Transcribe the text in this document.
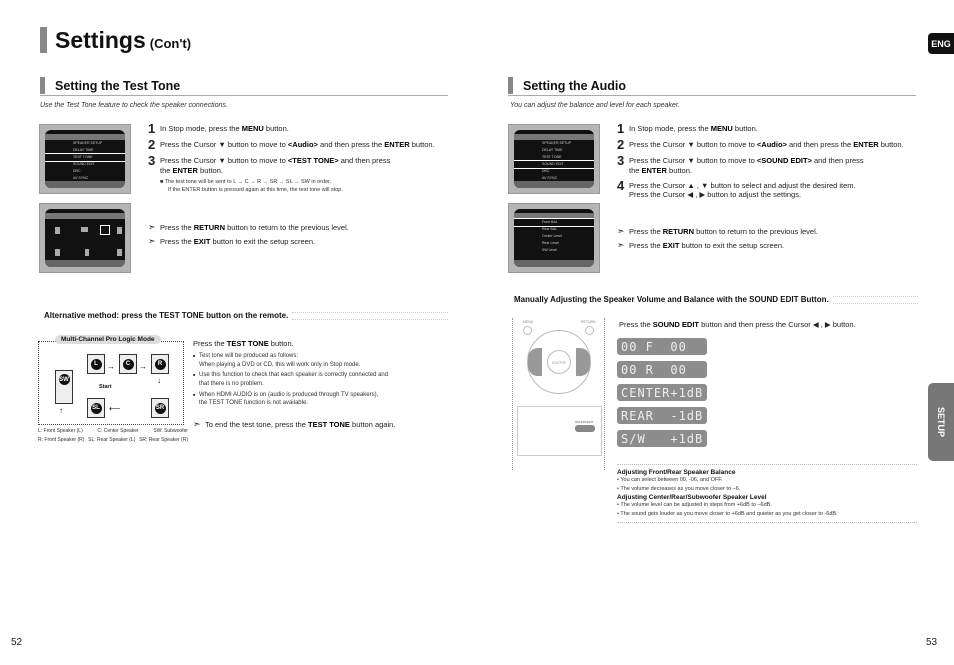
Settings (Con't)	ENG
SETUP
Setting the Test Tone
Use the Test Tone feature to check the speaker connections.
SPEAKER SETUP
DELAY TIME
TEST TONE
SOUND EDIT
DRC
AV SYNC
1 In Stop mode, press the MENU button.
2 Press the Cursor ▼ button to move to <Audio> and then press the ENTER button.
3 Press the Cursor ▼ button to move to <TEST TONE> and then press
the ENTER button.
■ The test tone will be sent to L → C → R → SR → SL → SW in order.
If the ENTER button is pressed again at this time, the test tone will stop.
➣ Press the RETURN button to return to the previous level.
➣ Press the EXIT button to exit the setup screen.
Alternative method: press the TEST TONE button on the remote.
Multi-Channel Pro Logic Mode
L	C	R
SR
SL
SW
Start
→	→
↓
⟵
↑
L: Front Speaker (L)	C: Center Speaker	SW: Subwoofer
R: Front Speaker (R) SL: Rear Speaker (L) SR: Rear Speaker (R)
Press the TEST TONE button.
■ Test tone will be produced as follows:
When playing a DVD or CD, this will work only in Stop mode.
■ Use this function to check that each speaker is correctly connected and
that there is no problem.
■ When HDMI AUDIO is on (audio is produced through TV speakers),
the TEST TONE function is not available.
➣ To end the test tone, press the TEST TONE button again.
52
Setting the Audio
You can adjust the balance and level for each speaker.
SPEAKER SETUP
DELAY TIME
TEST TONE
SOUND EDIT
DRC
AV SYNC
Front BAL
Rear BAL
Center Level
Rear Level
SW Level
1 In Stop mode, press the MENU button.
2 Press the Cursor ▼ button to move to <Audio> and then press the ENTER button.
3 Press the Cursor ▼ button to move to <SOUND EDIT> and then press
the ENTER button.
4 Press the Cursor ▲ , ▼ button to select and adjust the desired item.
Press the Cursor ◀ , ▶ button to adjust the settings.
➣ Press the RETURN button to return to the previous level.
➣ Press the EXIT button to exit the setup screen.
Manually Adjusting the Speaker Volume and Balance with the SOUND EDIT Button.
MENU	RETURN
ENTER
SOUND EDIT
Press the SOUND EDIT button and then press the Cursor ◀ , ▶ button.
00 F  00
00 R  00
CENTER+1dB
REAR  -1dB
S/W   +1dB
Adjusting Front/Rear Speaker Balance
• You can select between 00, -06, and OFF.
• The volume decreases as you move closer to –6.
Adjusting Center/Rear/Subwoofer Speaker Level
• The volume level can be adjusted in steps from +6dB to –6dB.
• The sound gets louder as you move closer to +6dB and quieter as you get closer to -6dB.
53
